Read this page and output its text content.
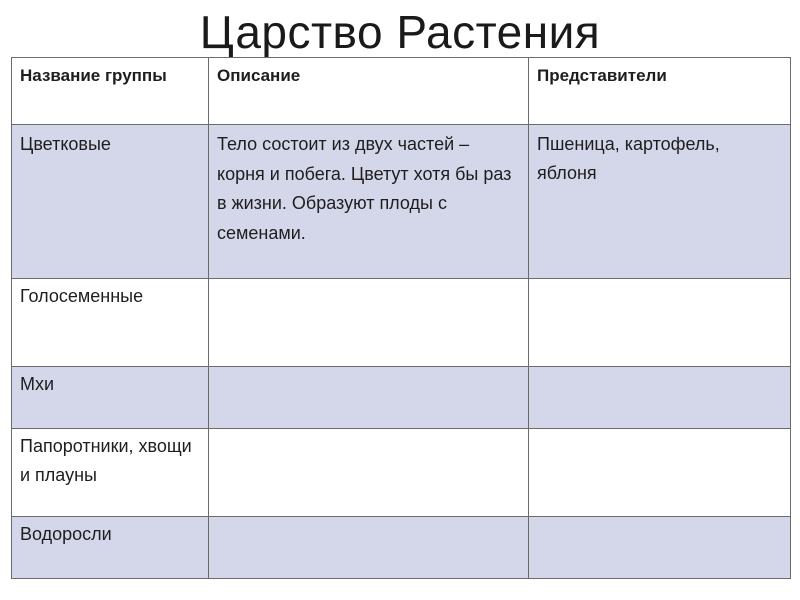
Царство Растения
Название группы	Описание	Представители
Цветковые	Тело состоит из двух частей – корня и побега. Цветут хотя бы раз в жизни. Образуют плоды с семенами.	Пшеница, картофель, яблоня
Голосеменные		
Мхи		
Папоротники, хвощи и плауны		
Водоросли		
